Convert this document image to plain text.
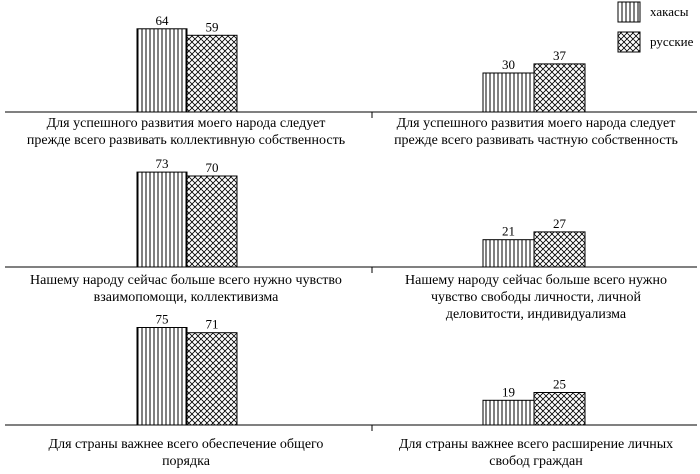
64	59
30
37
73	70
21
27
75	71
19
25
хакасы
русские
Для успешного развития моего народа следует
прежде всего развивать коллективную собственность
Для успешного развития моего народа следует
прежде всего развивать частную собственность
Нашему народу сейчас больше всего нужно чувство
взаимопомощи, коллективизма
Нашему народу сейчас больше всего нужно
чувство свободы личности, личной
деловитости, индивидуализма
Для страны важнее всего обеспечение общего
порядка
Для страны важнее всего расширение личных
свобод граждан
